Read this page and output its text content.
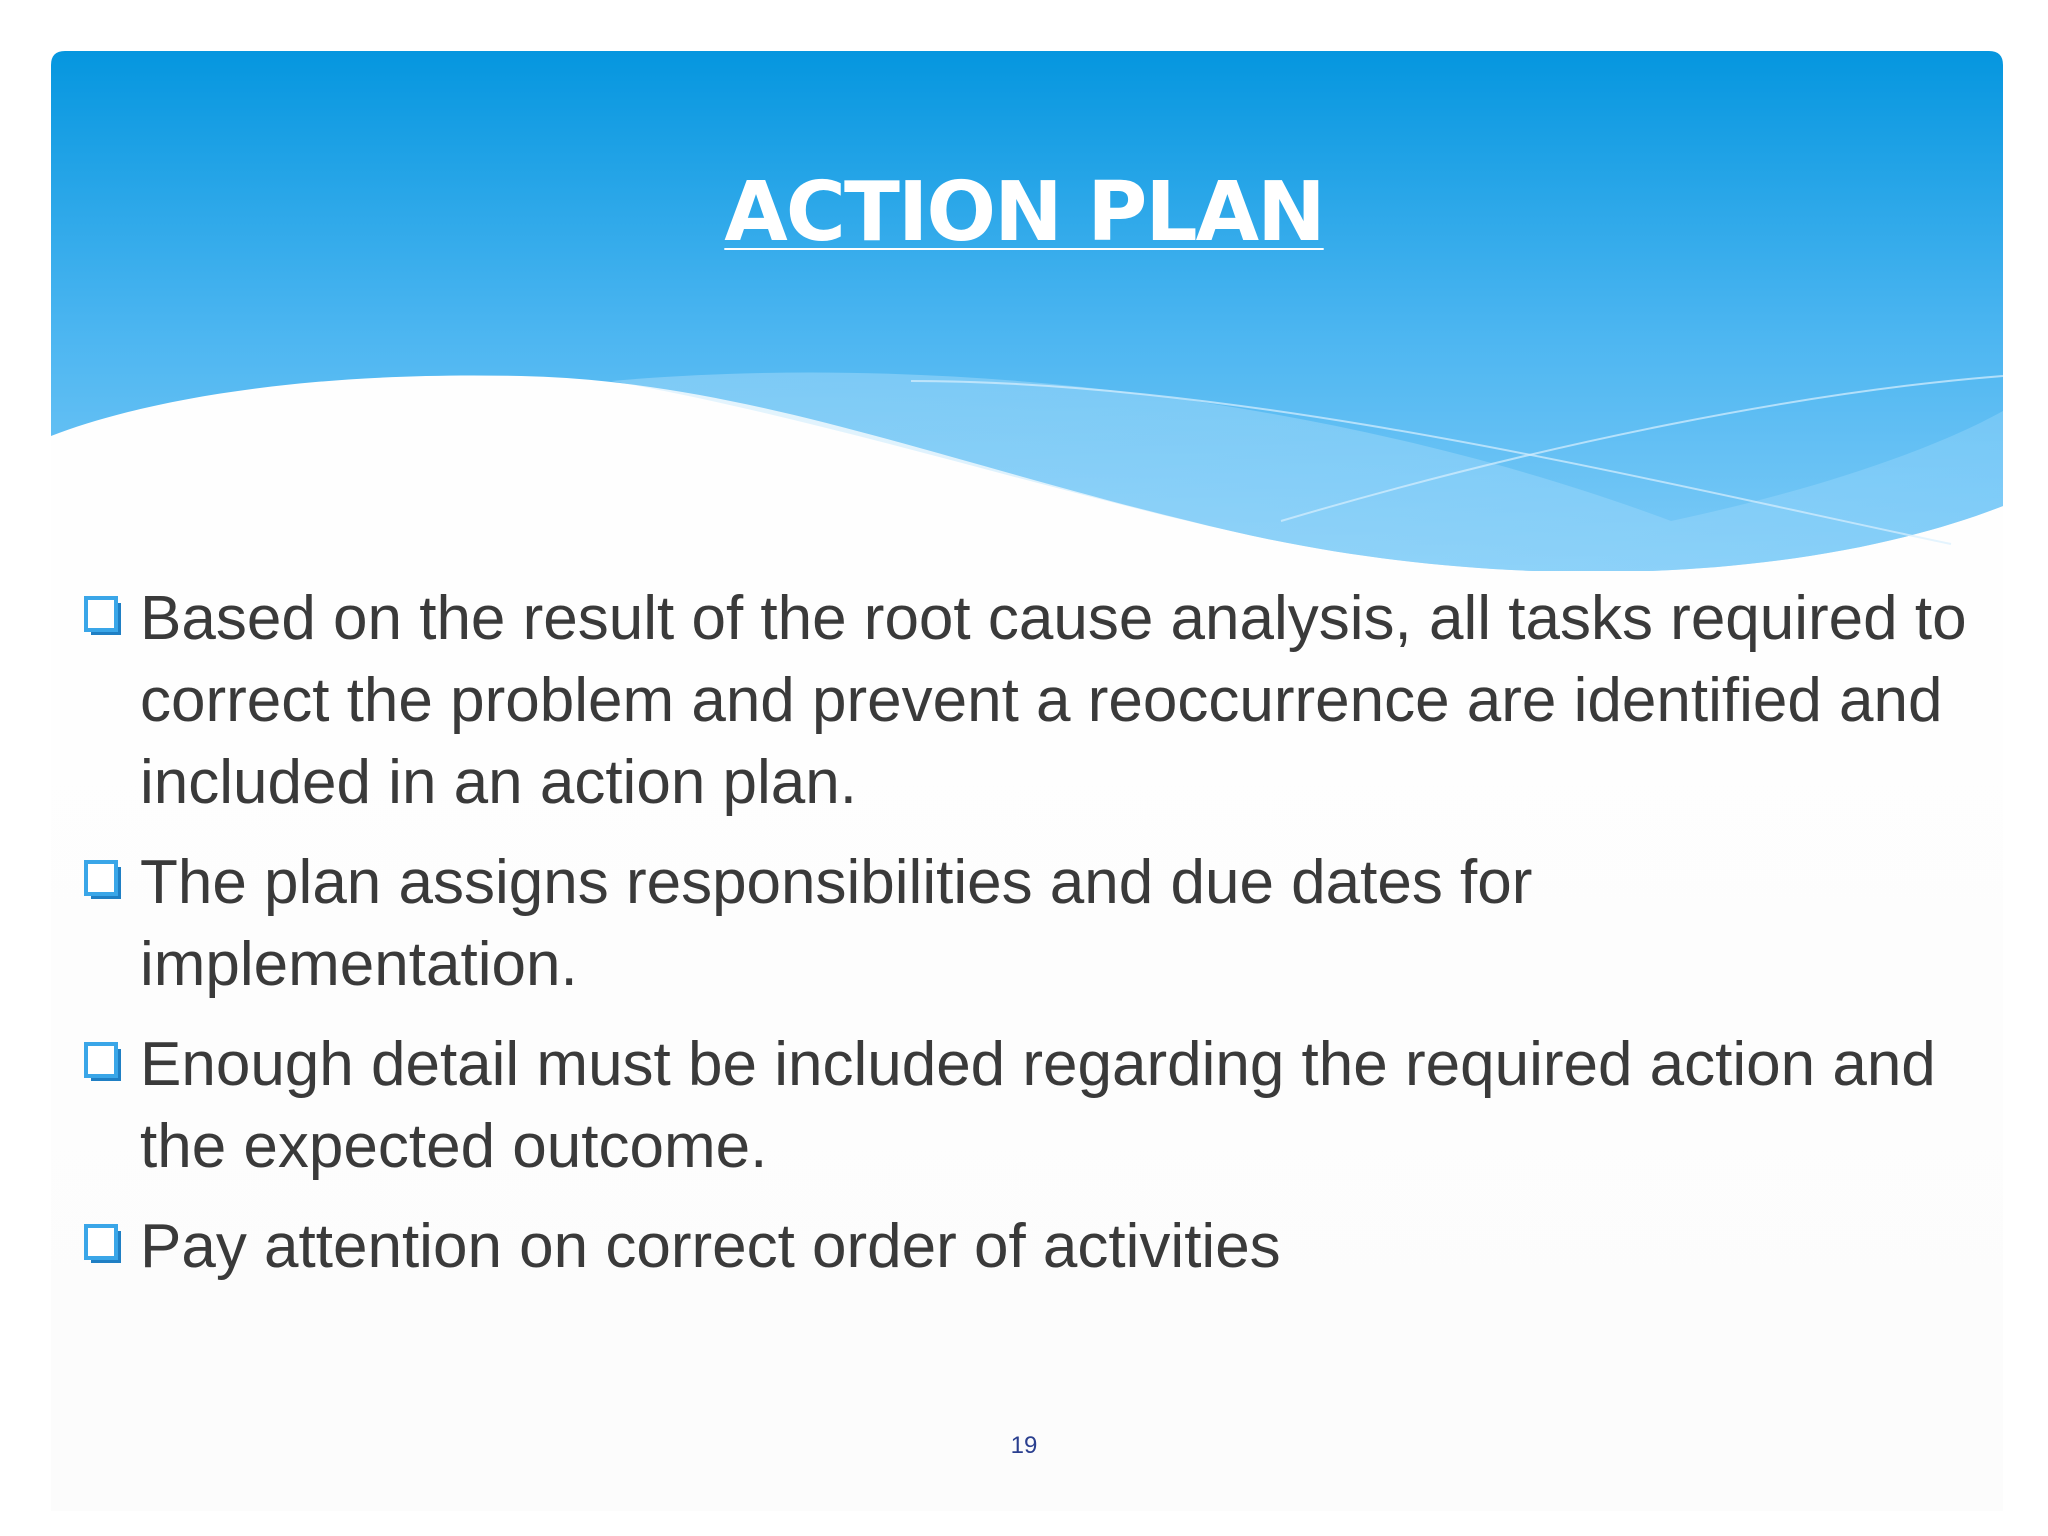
ACTION PLAN
Based on the result of the root cause analysis, all tasks required to correct the problem and prevent a reoccurrence are identified and included in an action plan.
The plan assigns responsibilities and due dates for implementation.
Enough detail must be included regarding the required action and the expected outcome.
Pay attention on correct order of activities
19
